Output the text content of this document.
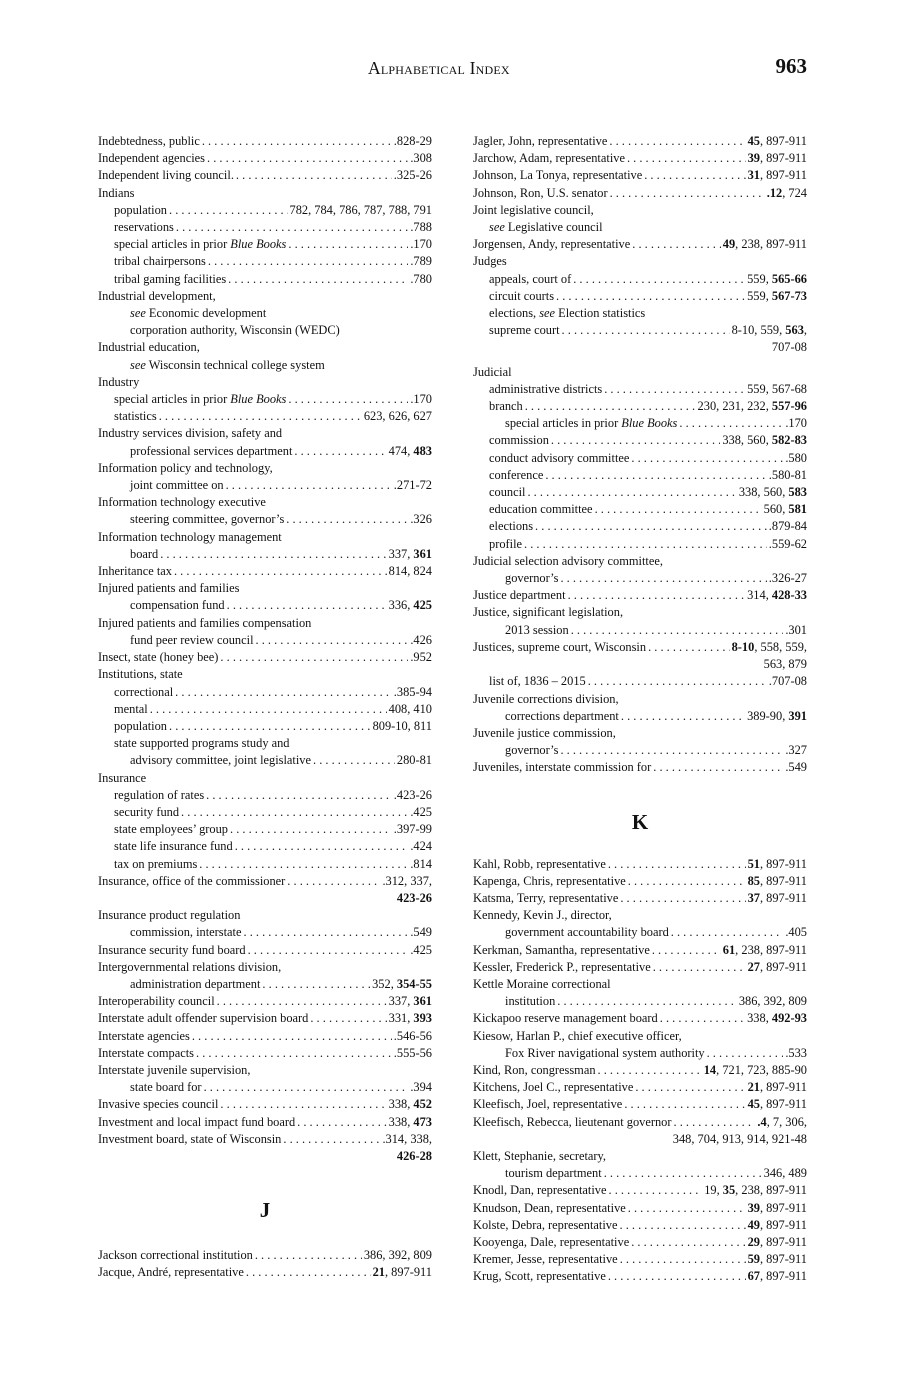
Alphabetical Index	963
Indebtedness, public . . .	.828-29
Independent agencies . . .	.308
Independent living council. . . .	.325-26
Indians
population . . .	782, 784, 786, 787, 788, 791
reservations . . .	.788
special articles in prior Blue Books . . .	.170
tribal chairpersons . . .	.789
tribal gaming facilities . . .	.780
Industrial development,
see Economic development
corporation authority, Wisconsin (WEDC)
Industrial education,
see Wisconsin technical college system
Industry
special articles in prior Blue Books . . .	.170
statistics . . .	623, 626, 627
Industry services division, safety and
professional services department . . .	474, 483
Information policy and technology,
joint committee on . . .	.271-72
Information technology executive
steering committee, governor’s . . .	.326
Information technology management
board . . .	337, 361
Inheritance tax . . .	814, 824
Injured patients and families
compensation fund . . .	336, 425
Injured patients and families compensation
fund peer review council . . .	.426
Insect, state (honey bee) . . .	.952
Institutions, state
correctional . . .	.385-94
mental . . .	408, 410
population . . .	809-10, 811
state supported programs study and
advisory committee, joint legislative . . .	280-81
Insurance
regulation of rates . . .	.423-26
security fund . . .	.425
state employees’ group . . .	.397-99
state life insurance fund . . .	.424
tax on premiums . . .	.814
Insurance, office of the commissioner . . .	.312, 337,
423-26
Insurance product regulation
commission, interstate . . .	.549
Insurance security fund board . . .	.425
Intergovernmental relations division,
administration department . . .	352, 354-55
Interoperability council . . .	337, 361
Interstate adult offender supervision board . . .	331, 393
Interstate agencies . . .	.546-56
Interstate compacts . . .	.555-56
Interstate juvenile supervision,
state board for . . .	.394
Invasive species council . . .	338, 452
Investment and local impact fund board . . .	338, 473
Investment board, state of Wisconsin . . .	.314, 338,
426-28
J
Jackson correctional institution . . .	386, 392, 809
Jacque, André, representative . . .	21, 897-911
Jagler, John, representative . . .	45, 897-911
Jarchow, Adam, representative . . .	39, 897-911
Johnson, La Tonya, representative . . .	31, 897-911
Johnson, Ron, U.S. senator . . .	.12, 724
Joint legislative council,
see Legislative council
Jorgensen, Andy, representative . . .	49, 238, 897-911
Judges
appeals, court of . . .	559, 565-66
circuit courts . . .	559, 567-73
elections, see Election statistics
supreme court . . .	8-10, 559, 563,
707-08
Judicial
administrative districts . . .	559, 567-68
branch . . .	230, 231, 232, 557-96
special articles in prior Blue Books . . .	.170
commission . . .	338, 560, 582-83
conduct advisory committee . . .	.580
conference . . .	.580-81
council . . .	338, 560, 583
education committee . . .	560, 581
elections . . .	.879-84
profile . . .	.559-62
Judicial selection advisory committee,
governor’s . . .	.326-27
Justice department . . .	314, 428-33
Justice, significant legislation,
2013 session . . .	.301
Justices, supreme court, Wisconsin . . .	8-10, 558, 559,
563, 879
list of, 1836 – 2015 . . .	.707-08
Juvenile corrections division,
corrections department . . .	389-90, 391
Juvenile justice commission,
governor’s . . .	.327
Juveniles, interstate commission for . . .	.549
K
Kahl, Robb, representative . . .	51, 897-911
Kapenga, Chris, representative . . .	85, 897-911
Katsma, Terry, representative . . .	37, 897-911
Kennedy, Kevin J., director,
government accountability board . . .	.405
Kerkman, Samantha, representative . . .	61, 238, 897-911
Kessler, Frederick P., representative . . .	27, 897-911
Kettle Moraine correctional
institution . . .	386, 392, 809
Kickapoo reserve management board . . .	338, 492-93
Kiesow, Harlan P., chief executive officer,
Fox River navigational system authority . . .	.533
Kind, Ron, congressman . . .	14, 721, 723, 885-90
Kitchens, Joel C., representative . . .	21, 897-911
Kleefisch, Joel, representative . . .	45, 897-911
Kleefisch, Rebecca, lieutenant governor . . .	.4, 7, 306,
348, 704, 913, 914, 921-48
Klett, Stephanie, secretary,
tourism department . . .	346, 489
Knodl, Dan, representative . . .	19, 35, 238, 897-911
Knudson, Dean, representative . . .	39, 897-911
Kolste, Debra, representative . . .	49, 897-911
Kooyenga, Dale, representative . . .	29, 897-911
Kremer, Jesse, representative . . .	59, 897-911
Krug, Scott, representative . . .	67, 897-911
